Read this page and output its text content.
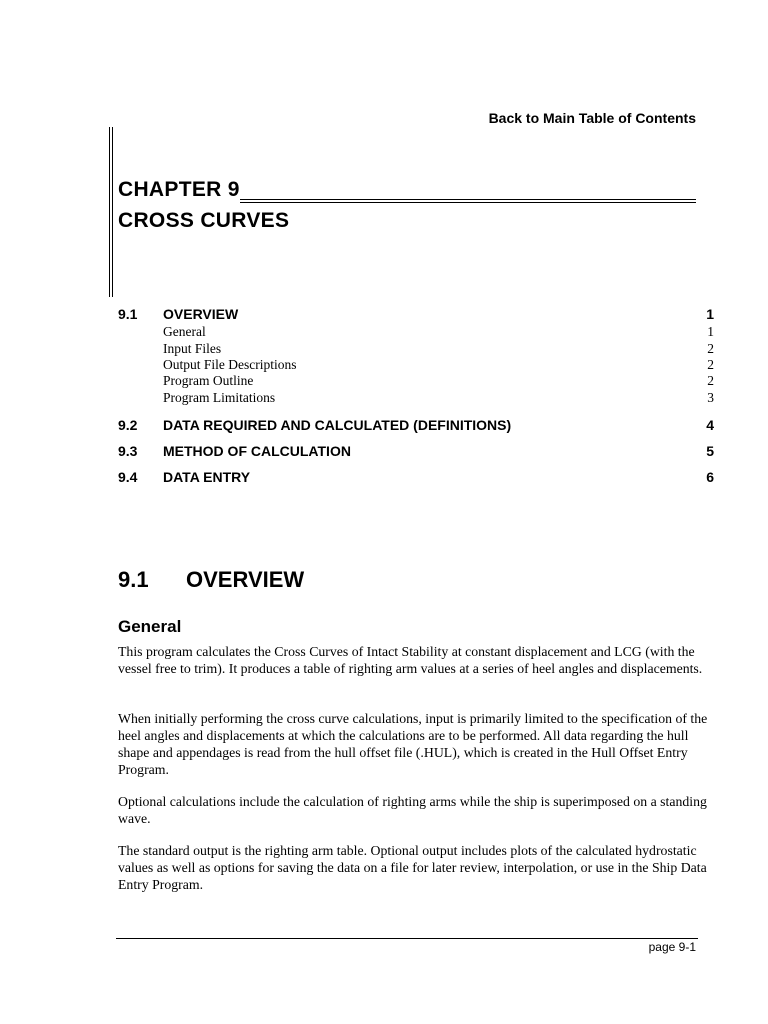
Back to Main Table of Contents
CHAPTER 9
CROSS CURVES
9.1 OVERVIEW	1
General	1
Input Files	2
Output File Descriptions	2
Program Outline	2
Program Limitations	3
9.2 DATA REQUIRED AND CALCULATED (DEFINITIONS)	4
9.3 METHOD OF CALCULATION	5
9.4 DATA ENTRY	6
9.1 OVERVIEW
General

This program calculates the Cross Curves of Intact Stability at constant displacement and LCG (with the vessel free to trim). It produces a table of righting arm values at a series of heel angles and displacements.

When initially performing the cross curve calculations, input is primarily limited to the specification of the heel angles and displacements at which the calculations are to be performed. All data regarding the hull shape and appendages is read from the hull offset file (.HUL), which is created in the Hull Offset Entry Program.

Optional calculations include the calculation of righting arms while the ship is superimposed on a standing wave.

The standard output is the righting arm table. Optional output includes plots of the calculated hydrostatic values as well as options for saving the data on a file for later review, interpolation, or use in the Ship Data Entry Program.

page 9-1
